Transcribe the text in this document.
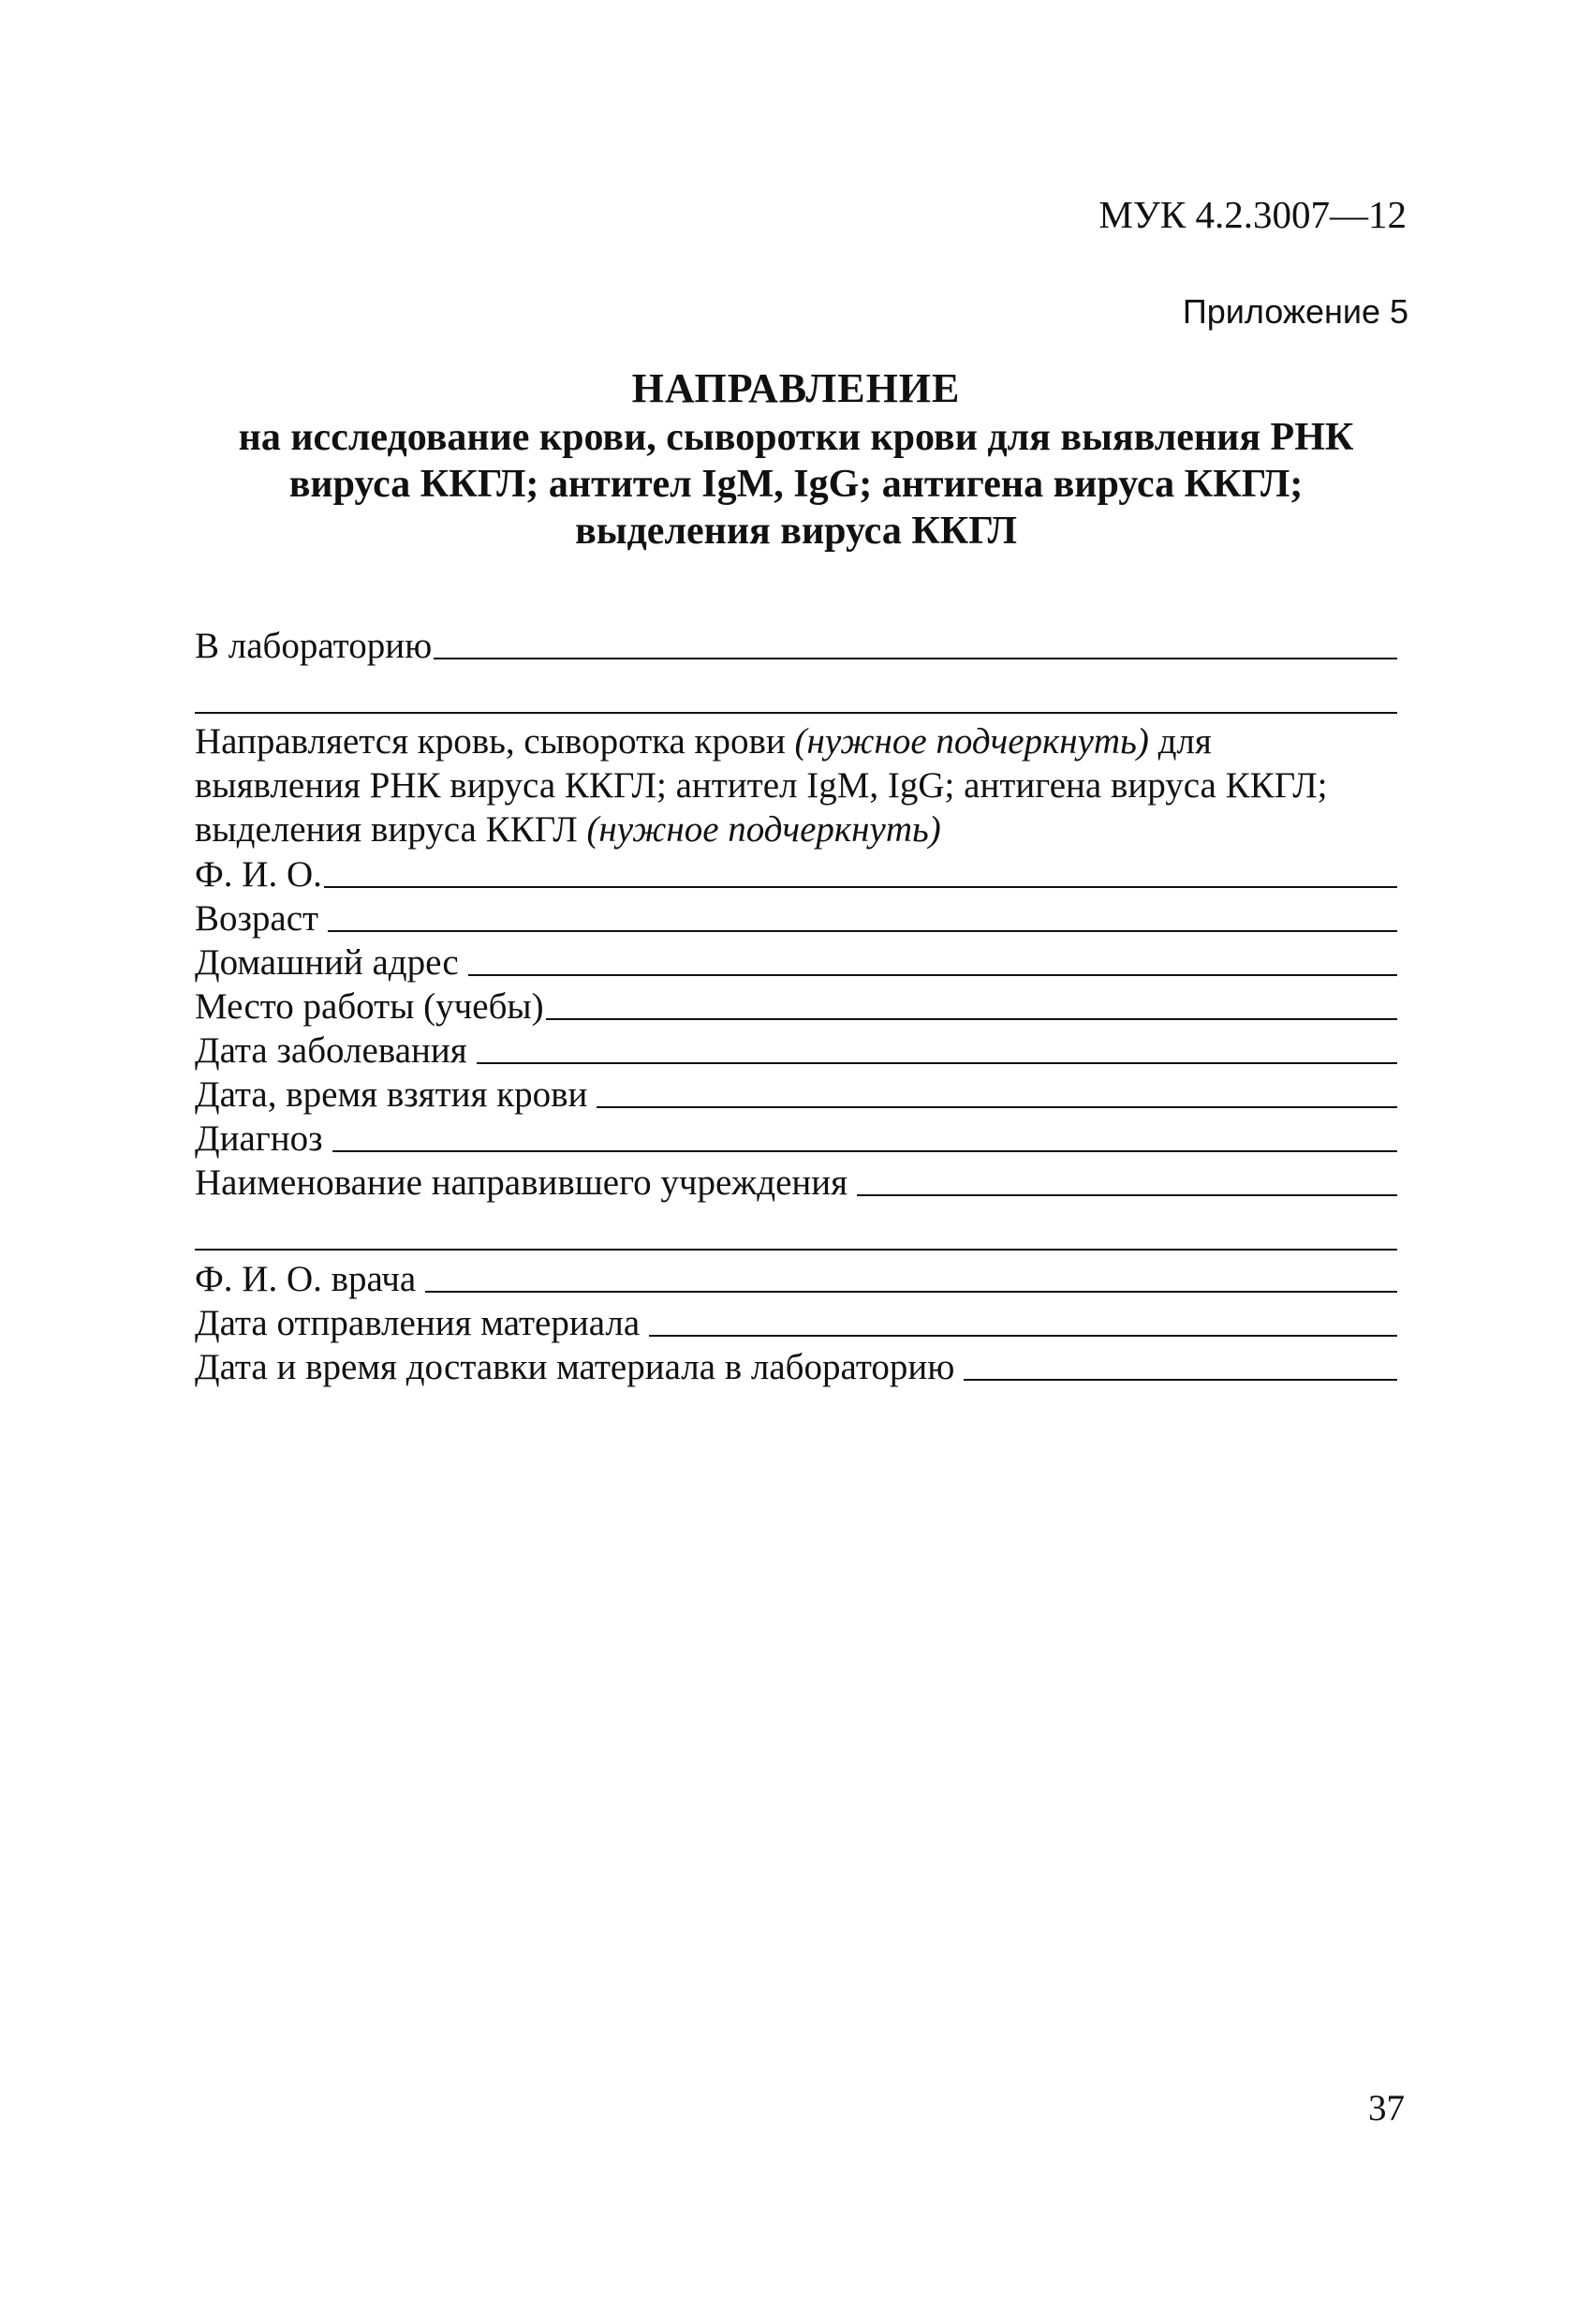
МУК 4.2.3007—12
Приложение 5
НАПРАВЛЕНИЕ
на исследование крови, сыворотки крови для выявления РНК
вируса ККГЛ; антител IgM, IgG; антигена вируса ККГЛ;
выделения вируса ККГЛ
В лабораторию
Направляется кровь, сыворотка крови (нужное подчеркнуть) для
выявления РНК вируса ККГЛ; антител IgM, IgG; антигена вируса ККГЛ;
выделения вируса ККГЛ (нужное подчеркнуть)
Ф. И. О.
Возраст
Домашний адрес
Место работы (учебы)
Дата заболевания
Дата, время взятия крови
Диагноз
Наименование направившего учреждения
Ф. И. О. врача
Дата отправления материала
Дата и время доставки материала в лабораторию
37
